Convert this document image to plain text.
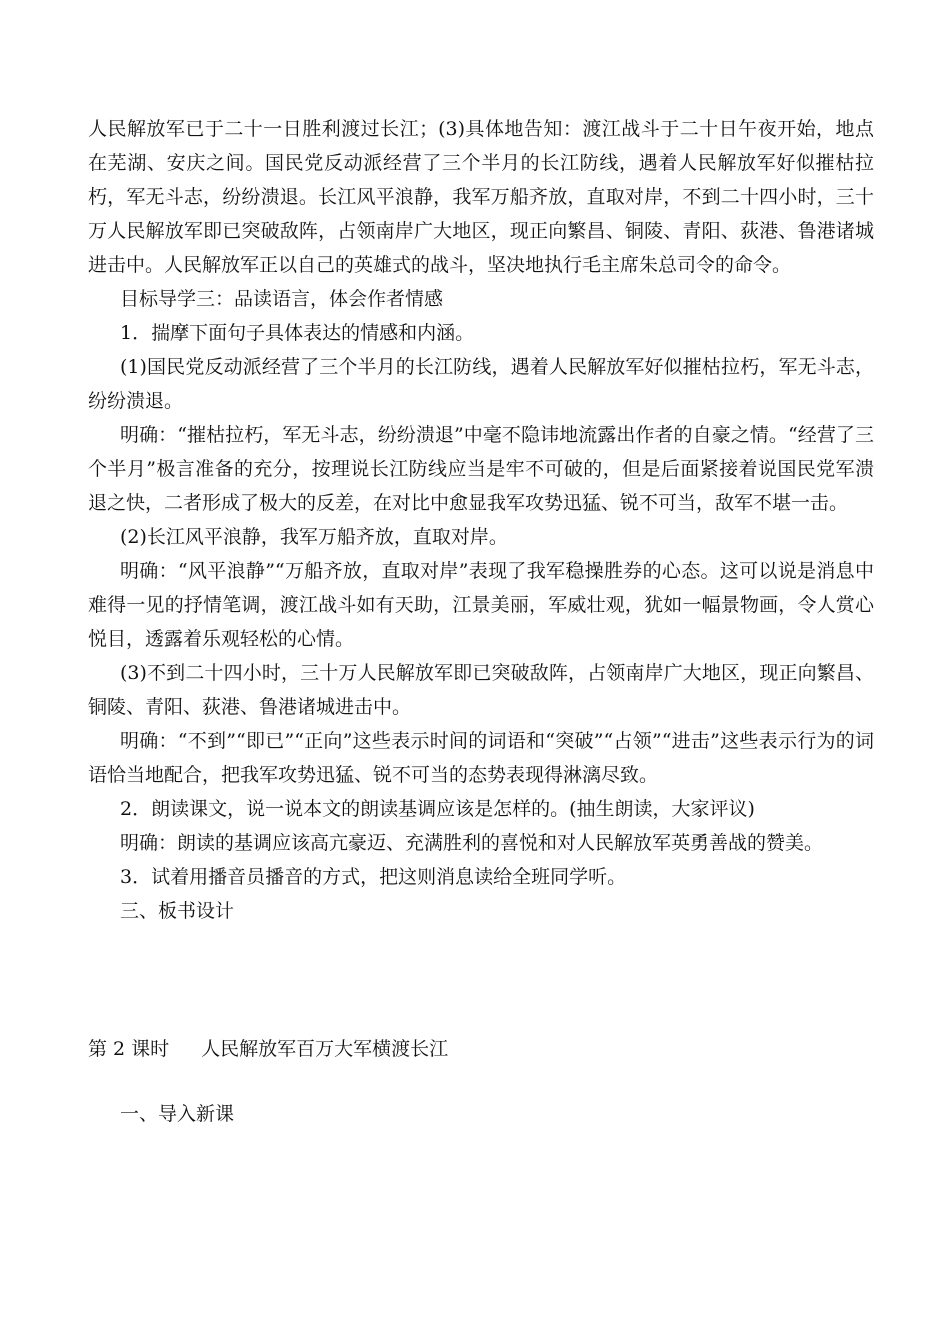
人民解放军已于二十一日胜利渡过长江；(3)具体地告知：渡江战斗于二十日午夜开始，地点在芜湖、安庆之间。国民党反动派经营了三个半月的长江防线，遇着人民解放军好似摧枯拉朽，军无斗志，纷纷溃退。长江风平浪静，我军万船齐放，直取对岸，不到二十四小时，三十万人民解放军即已突破敌阵，占领南岸广大地区，现正向繁昌、铜陵、青阳、荻港、鲁港诸城进击中。人民解放军正以自己的英雄式的战斗，坚决地执行毛主席朱总司令的命令。

目标导学三：品读语言，体会作者情感

1．揣摩下面句子具体表达的情感和内涵。

(1)国民党反动派经营了三个半月的长江防线，遇着人民解放军好似摧枯拉朽，军无斗志，纷纷溃退。

明确：“摧枯拉朽，军无斗志，纷纷溃退”中毫不隐讳地流露出作者的自豪之情。“经营了三个半月”极言准备的充分，按理说长江防线应当是牢不可破的，但是后面紧接着说国民党军溃退之快，二者形成了极大的反差，在对比中愈显我军攻势迅猛、锐不可当，敌军不堪一击。

(2)长江风平浪静，我军万船齐放，直取对岸。

明确：“风平浪静”“万船齐放，直取对岸”表现了我军稳操胜券的心态。这可以说是消息中难得一见的抒情笔调，渡江战斗如有天助，江景美丽，军威壮观，犹如一幅景物画，令人赏心悦目，透露着乐观轻松的心情。

(3)不到二十四小时，三十万人民解放军即已突破敌阵，占领南岸广大地区，现正向繁昌、铜陵、青阳、荻港、鲁港诸城进击中。

明确：“不到”“即已”“正向”这些表示时间的词语和“突破”“占领”“进击”这些表示行为的词语恰当地配合，把我军攻势迅猛、锐不可当的态势表现得淋漓尽致。

2．朗读课文，说一说本文的朗读基调应该是怎样的。(抽生朗读，大家评议)

明确：朗读的基调应该高亢豪迈、充满胜利的喜悦和对人民解放军英勇善战的赞美。

3．试着用播音员播音的方式，把这则消息读给全班同学听。

三、板书设计

第 2 课时 人民解放军百万大军横渡长江

一、导入新课
